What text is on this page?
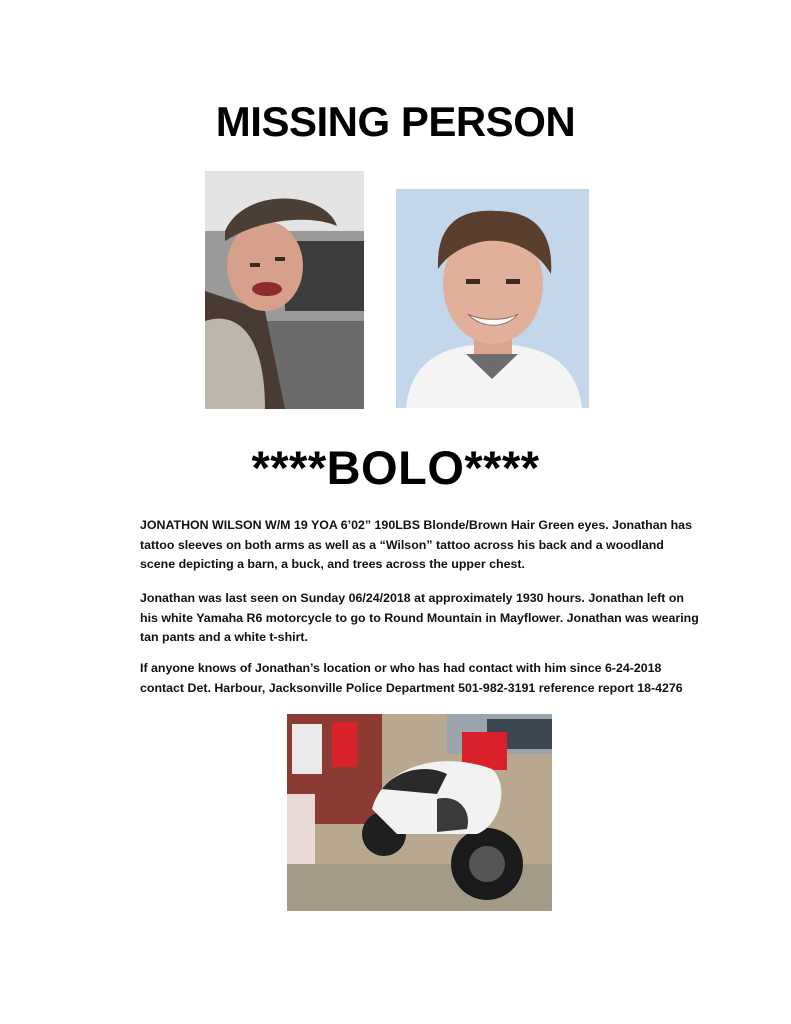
MISSING PERSON
****BOLO****
JONATHON WILSON W/M 19 YOA 6’02” 190LBS Blonde/Brown Hair Green eyes. Jonathan has tattoo sleeves on both arms as well as a “Wilson” tattoo across his back and a woodland scene depicting a barn, a buck, and trees across the upper chest.
Jonathan was last seen on Sunday 06/24/2018 at approximately 1930 hours. Jonathan left on his white Yamaha R6 motorcycle to go to Round Mountain in Mayflower. Jonathan was wearing tan pants and a white t-shirt.
If anyone knows of Jonathan’s location or who has had contact with him since 6-24-2018 contact Det. Harbour, Jacksonville Police Department 501-982-3191 reference report 18-4276
